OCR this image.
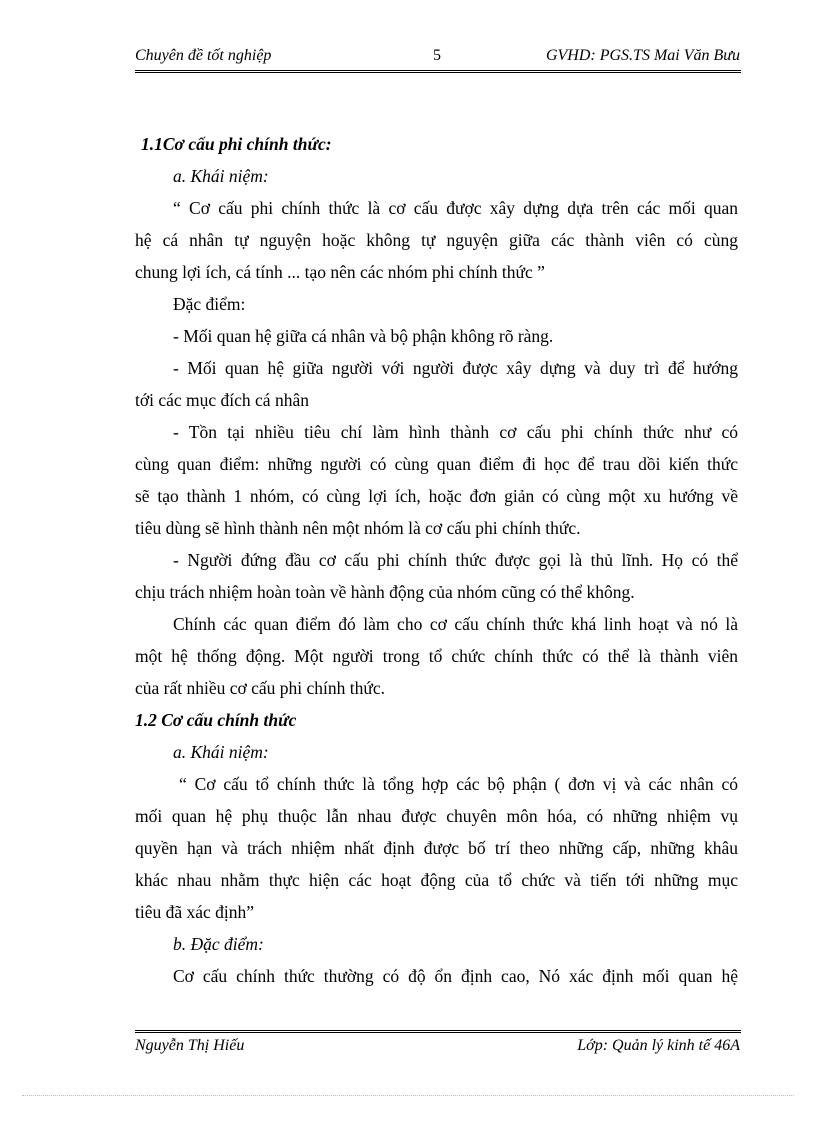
Chuyên đề tốt nghiệp	5	GVHD: PGS.TS Mai Văn Bưu

1.1Cơ cấu phi chính thức:

a. Khái niệm:

“ Cơ cấu phi chính thức là cơ cấu được xây dựng dựa trên các mối quan
hệ cá nhân tự nguyện hoặc không tự nguyện giữa các thành viên có cùng
chung lợi ích, cá tính ... tạo nên các nhóm phi chính thức ”

Đặc điểm:

- Mối quan hệ giữa cá nhân và bộ phận không rõ ràng.

- Mối quan hệ giữa người với người được xây dựng và duy trì để hướng
tới các mục đích cá nhân
- Tồn tại nhiều tiêu chí làm hình thành cơ cấu phi chính thức như có
cùng quan điểm: những người có cùng quan điểm đi học để trau dồi kiến thức
sẽ tạo thành 1 nhóm, có cùng lợi ích, hoặc đơn giản có cùng một xu hướng về
tiêu dùng sẽ hình thành nên một nhóm là cơ cấu phi chính thức.
- Người đứng đầu cơ cấu phi chính thức được gọi là thủ lĩnh. Họ có thể
chịu trách nhiệm hoàn toàn về hành động của nhóm cũng có thể không.
Chính các quan điểm đó làm cho cơ cấu chính thức khá linh hoạt và nó là
một hệ thống động. Một người trong tổ chức chính thức có thể là thành viên
của rất nhiều cơ cấu phi chính thức.

1.2 Cơ cấu chính thức

a. Khái niệm:

“ Cơ cấu tổ chính thức là tổng hợp các bộ phận ( đơn vị và các nhân có
mối quan hệ phụ thuộc lẫn nhau được chuyên môn hóa, có những nhiệm vụ
quyền hạn và trách nhiệm nhất định được bố trí theo những cấp, những khâu
khác nhau nhằm thực hiện các hoạt động của tổ chức và tiến tới những mục
tiêu đã xác định”

b. Đặc điểm:

Cơ cấu chính thức thường có độ ổn định cao, Nó xác định mối quan hệ
Nguyễn Thị Hiếu	Lớp: Quản lý kinh tế 46A
